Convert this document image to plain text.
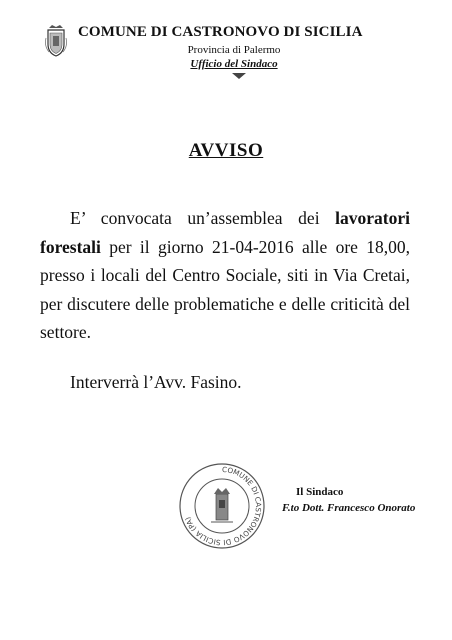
COMUNE DI CASTRONOVO DI SICILIA
Provincia di Palermo
Ufficio del Sindaco
AVVISO

E’ convocata un’assemblea dei lavoratori forestali per il giorno 21-04-2016 alle ore 18,00, presso i locali del Centro Sociale, siti in Via Cretai, per discutere delle problematiche e delle criticità del settore.

Interverrà l’Avv. Fasino.
COMUNE DI CASTRONOVO DI SICILIA (PA)
Il Sindaco
F.to Dott. Francesco Onorato
